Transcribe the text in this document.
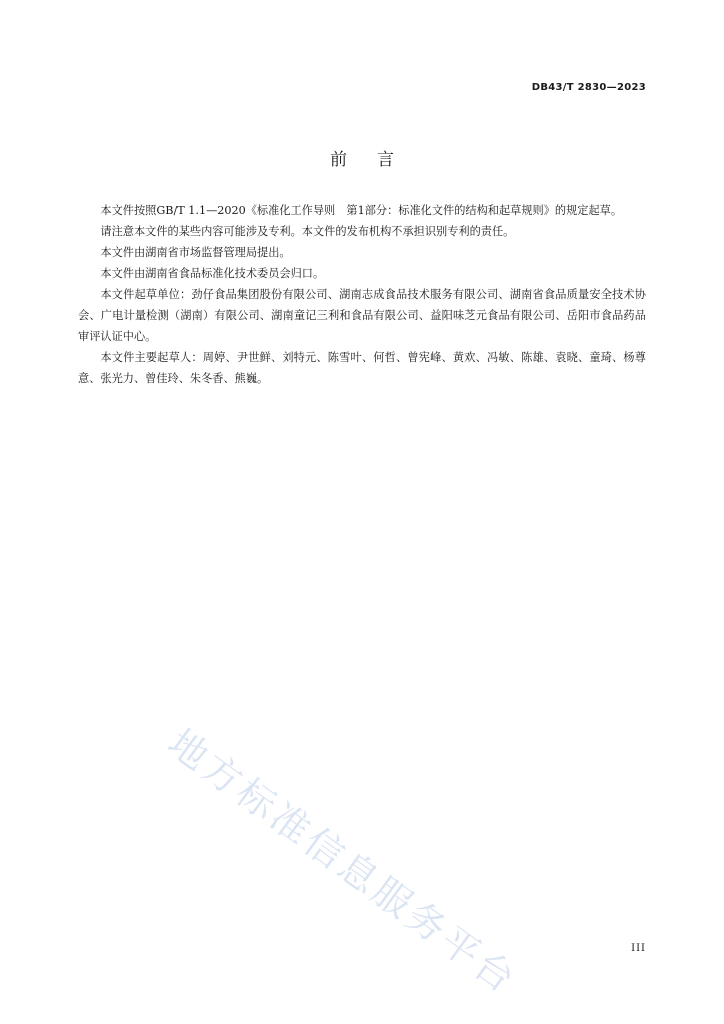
DB43/T 2830—2023
前言

本文件按照GB/T 1.1—2020《标准化工作导则　第1部分：标准化文件的结构和起草规则》的规定起草。

请注意本文件的某些内容可能涉及专利。本文件的发布机构不承担识别专利的责任。

本文件由湖南省市场监督管理局提出。

本文件由湖南省食品标准化技术委员会归口。

本文件起草单位：劲仔食品集团股份有限公司、湖南志成食品技术服务有限公司、湖南省食品质量安全技术协会、广电计量检测（湖南）有限公司、湖南童记三利和食品有限公司、益阳味芝元食品有限公司、岳阳市食品药品审评认证中心。

本文件主要起草人：周婷、尹世鲜、刘特元、陈雪叶、何哲、曾宪峰、黄欢、冯敏、陈雄、袁晓、童琦、杨尊意、张光力、曾佳玲、朱冬香、熊巍。

地方标准信息服务平台	III
